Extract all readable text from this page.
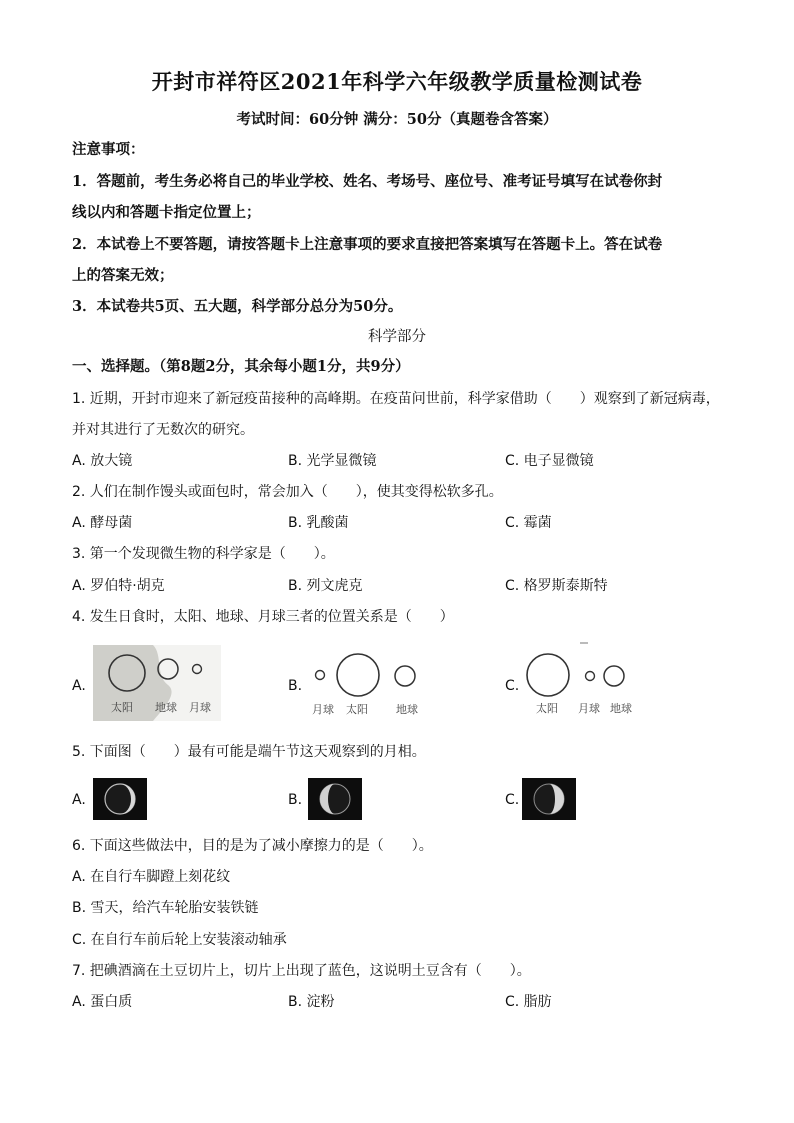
开封市祥符区2021年科学六年级教学质量检测试卷
考试时间：60分钟 满分：50分（真题卷含答案）
注意事项：
1．答题前，考生务必将自己的毕业学校、姓名、考场号、座位号、准考证号填写在试卷你封
线以内和答题卡指定位置上；
2．本试卷上不要答题，请按答题卡上注意事项的要求直接把答案填写在答题卡上。答在试卷
上的答案无效；
3．本试卷共5页、五大题，科学部分总分为50分。
科学部分
一、选择题。（第8题2分，其余每小题1分，共9分）
1. 近期，开封市迎来了新冠疫苗接种的高峰期。在疫苗问世前，科学家借助（　　）观察到了新冠病毒，
并对其进行了无数次的研究。
A. 放大镜	B. 光学显微镜	C. 电子显微镜
2. 人们在制作馒头或面包时，常会加入（　　），使其变得松软多孔。
A. 酵母菌	B. 乳酸菌	C. 霉菌
3. 第一个发现微生物的科学家是（　　）。
A. 罗伯特·胡克	B. 列文虎克	C. 格罗斯泰斯特
4. 发生日食时，太阳、地球、月球三者的位置关系是（　　）
A.
太阳 地球 月球
B.
月球 太阳	地球
C.
太阳 月球 地球
5. 下面图（　　）最有可能是端午节这天观察到的月相。
A.	B.	C.
6. 下面这些做法中，目的是为了减小摩擦力的是（　　）。
A. 在自行车脚蹬上刻花纹
B. 雪天，给汽车轮胎安装铁链
C. 在自行车前后轮上安装滚动轴承
7. 把碘酒滴在土豆切片上，切片上出现了蓝色，这说明土豆含有（　　）。
A. 蛋白质	B. 淀粉	C. 脂肪
